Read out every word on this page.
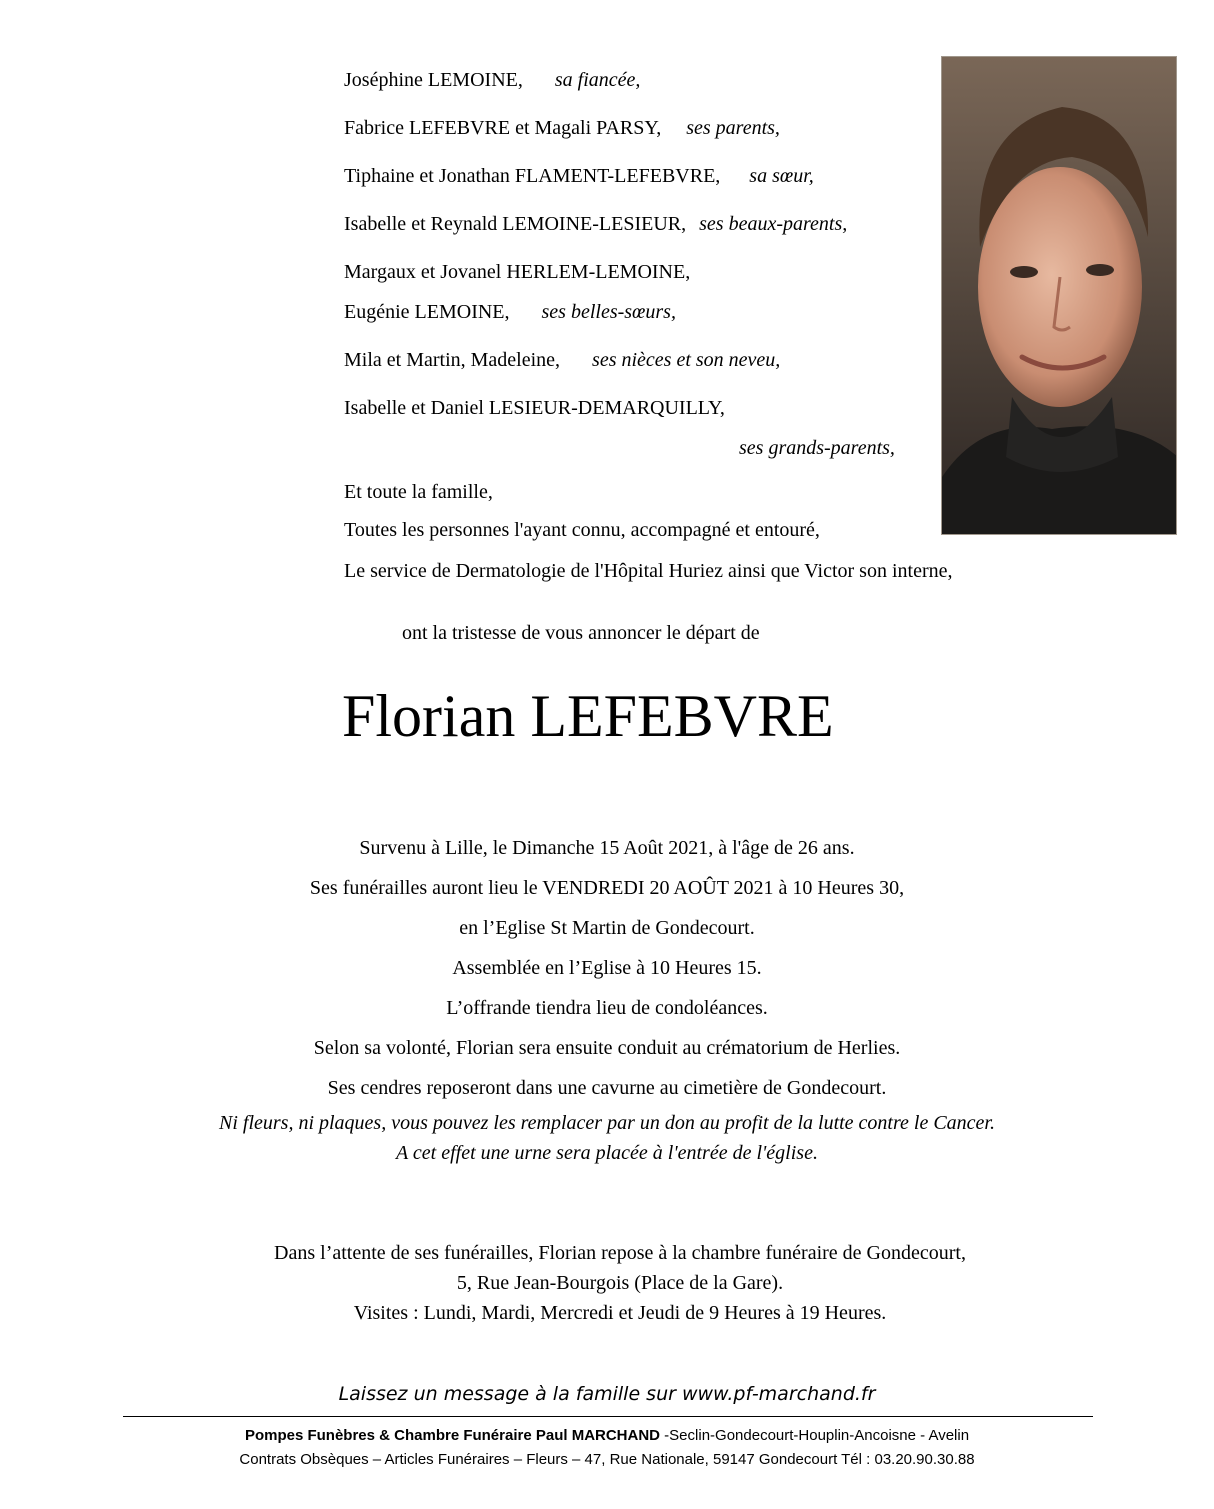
Joséphine LEMOINE, sa fiancée,
Fabrice LEFEBVRE et Magali PARSY, ses parents,
Tiphaine et Jonathan FLAMENT-LEFEBVRE, sa sœur,
Isabelle et Reynald LEMOINE-LESIEUR, ses beaux-parents,
Margaux et Jovanel HERLEM-LEMOINE,
Eugénie LEMOINE, ses belles-sœurs,
Mila et Martin, Madeleine, ses nièces et son neveu,
Isabelle et Daniel LESIEUR-DEMARQUILLY,
ses grands-parents,
Et toute la famille,
Toutes les personnes l'ayant connu, accompagné et entouré,
Le service de Dermatologie de l'Hôpital Huriez ainsi que Victor son interne,
ont la tristesse de vous annoncer le départ de
Florian LEFEBVRE
Survenu à Lille, le Dimanche 15 Août 2021, à l'âge de 26 ans.
Ses funérailles auront lieu le VENDREDI 20 AOÛT 2021 à 10 Heures 30,
en l’Eglise St Martin de Gondecourt.
Assemblée en l’Eglise à 10 Heures 15.
L’offrande tiendra lieu de condoléances.
Selon sa volonté, Florian sera ensuite conduit au crématorium de Herlies.
Ses cendres reposeront dans une cavurne au cimetière de Gondecourt.
Ni fleurs, ni plaques, vous pouvez les remplacer par un don au profit de la lutte contre le Cancer.
A cet effet une urne sera placée à l'entrée de l'église.
Dans l’attente de ses funérailles, Florian repose à la chambre funéraire de Gondecourt,
5, Rue Jean-Bourgois (Place de la Gare).
Visites : Lundi, Mardi, Mercredi et Jeudi de 9 Heures à 19 Heures.
Laissez un message à la famille sur www.pf-marchand.fr
Pompes Funèbres & Chambre Funéraire Paul MARCHAND -Seclin-Gondecourt-Houplin-Ancoisne - Avelin
Contrats Obsèques – Articles Funéraires – Fleurs – 47, Rue Nationale, 59147 Gondecourt Tél : 03.20.90.30.88
